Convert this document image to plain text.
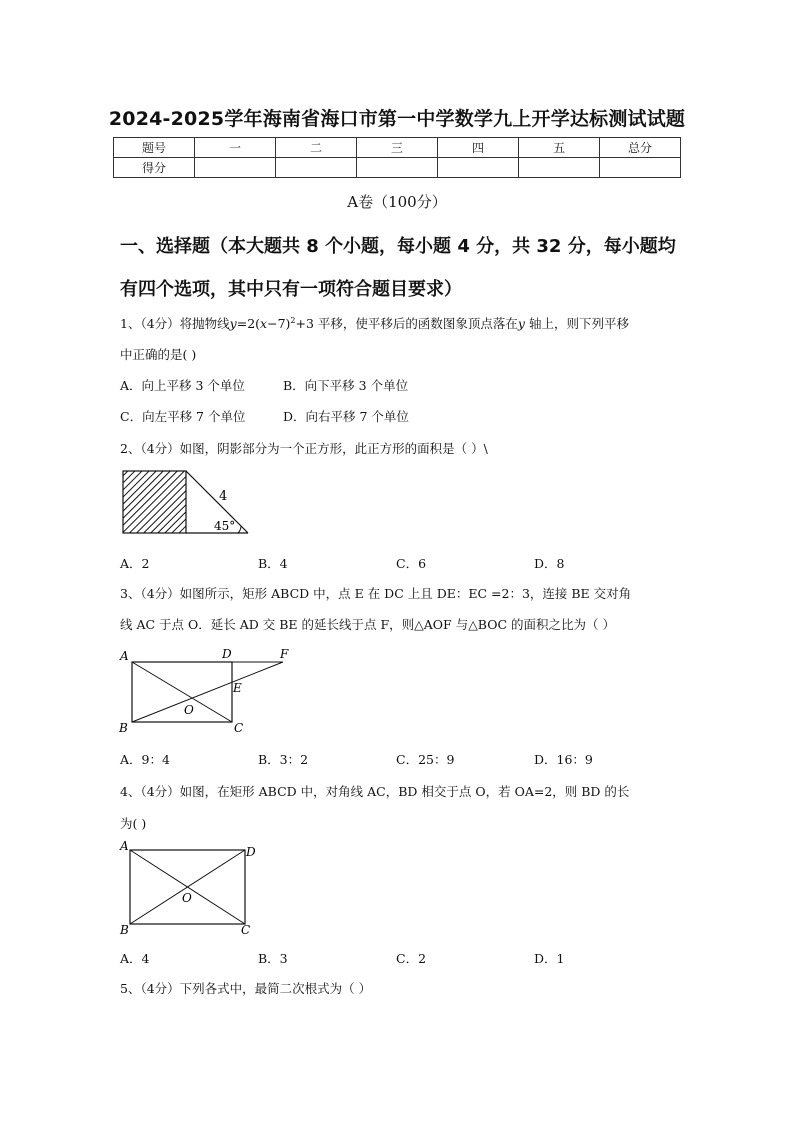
2024-2025学年海南省海口市第一中学数学九上开学达标测试试题
题号	一	二	三	四	五	总分
得分						
A卷（100分）
一、选择题（本大题共 8 个小题，每小题 4 分，共 32 分，每小题均
有四个选项，其中只有一项符合题目要求）
1、（4分）将抛物线$y=2(x-7)^2+3$ 平移，使平移后的函数图象顶点落在y 轴上，则下列平移
中正确的是( )
A．向上平移 3 个单位	B．向下平移 3 个单位
C．向左平移 7 个单位	D．向右平移 7 个单位
2、（4分）如图，阴影部分为一个正方形，此正方形的面积是（ ）\
4
45°
A．2	B．4	C．6	D．8
3、（4分）如图所示，矩形 ABCD 中，点 E 在 DC 上且 DE：EC =2：3，连接 BE 交对角
线 AC 于点 O．延长 AD 交 BE 的延长线于点 F，则△AOF 与△BOC 的面积之比为（ ）
A	D	F
E
O
B	C
A．9：4	B．3：2	C．25：9	D．16：9
4、（4分）如图，在矩形 ABCD 中，对角线 AC，BD 相交于点 O，若 OA=2，则 BD 的长
为( )
A	D
O
B	C
A．4	B．3	C．2	D．1
5、（4分）下列各式中，最简二次根式为（ ）
